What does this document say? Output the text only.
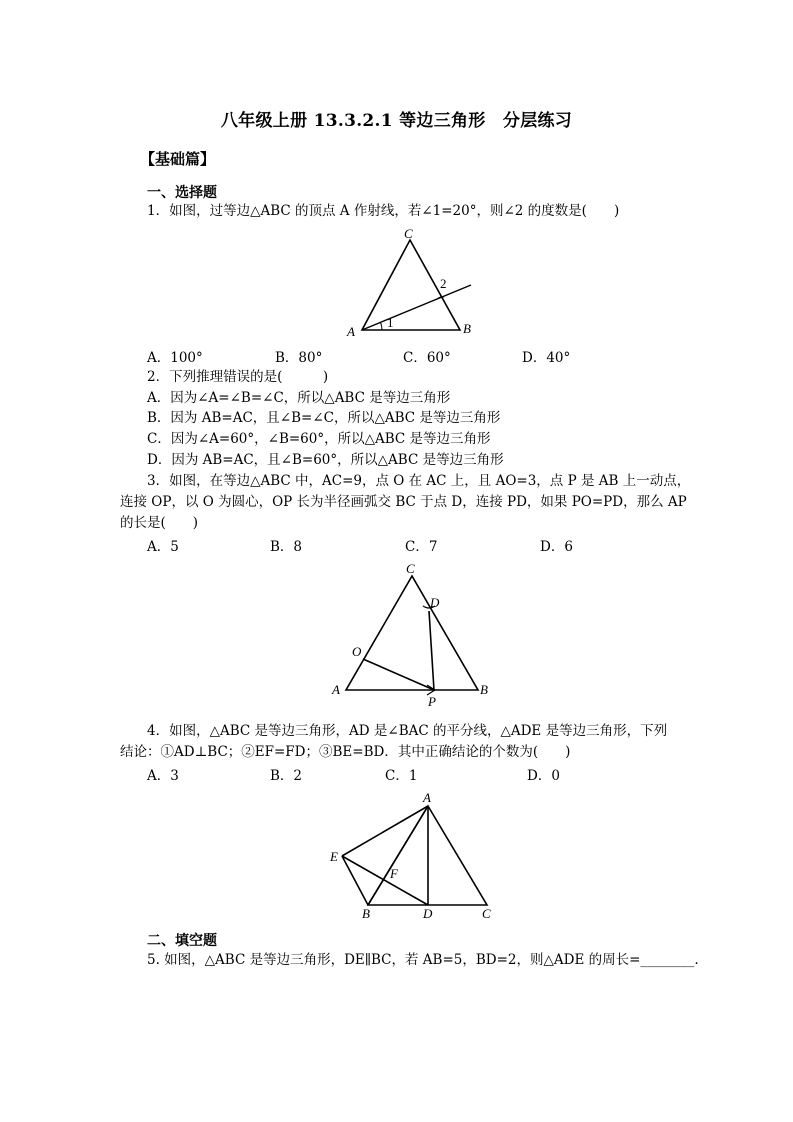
八年级上册 13.3.2.1 等边三角形　分层练习
【基础篇】
一、选择题
1．如图，过等边△ABC 的顶点 A 作射线，若∠1=20°，则∠2 的度数是(　　)
C
A	B
1
2
A．100°	B．80°	C．60°	D．40°
2．下列推理错误的是(　　　)
A．因为∠A=∠B=∠C，所以△ABC 是等边三角形
B．因为 AB=AC，且∠B=∠C，所以△ABC 是等边三角形
C．因为∠A=60°，∠B=60°，所以△ABC 是等边三角形
D．因为 AB=AC，且∠B=60°，所以△ABC 是等边三角形
3．如图，在等边△ABC 中，AC=9，点 O 在 AC 上，且 AO=3，点 P 是 AB 上一动点，
连接 OP，以 O 为圆心，OP 长为半径画弧交 BC 于点 D，连接 PD，如果 PO=PD，那么 AP
的长是(　　)
A．5	B．8	C．7	D．6
C
D
O
A	B
P
4．如图，△ABC 是等边三角形，AD 是∠BAC 的平分线，△ADE 是等边三角形，下列
结论：①AD⊥BC；②EF=FD；③BE=BD．其中正确结论的个数为(　　)
A．3	B．2	C．1	D．0
A
E
F
B	D	C
二、填空题
5. 如图，△ABC 是等边三角形，DE∥BC，若 AB=5，BD=2，则△ADE 的周长=________.
